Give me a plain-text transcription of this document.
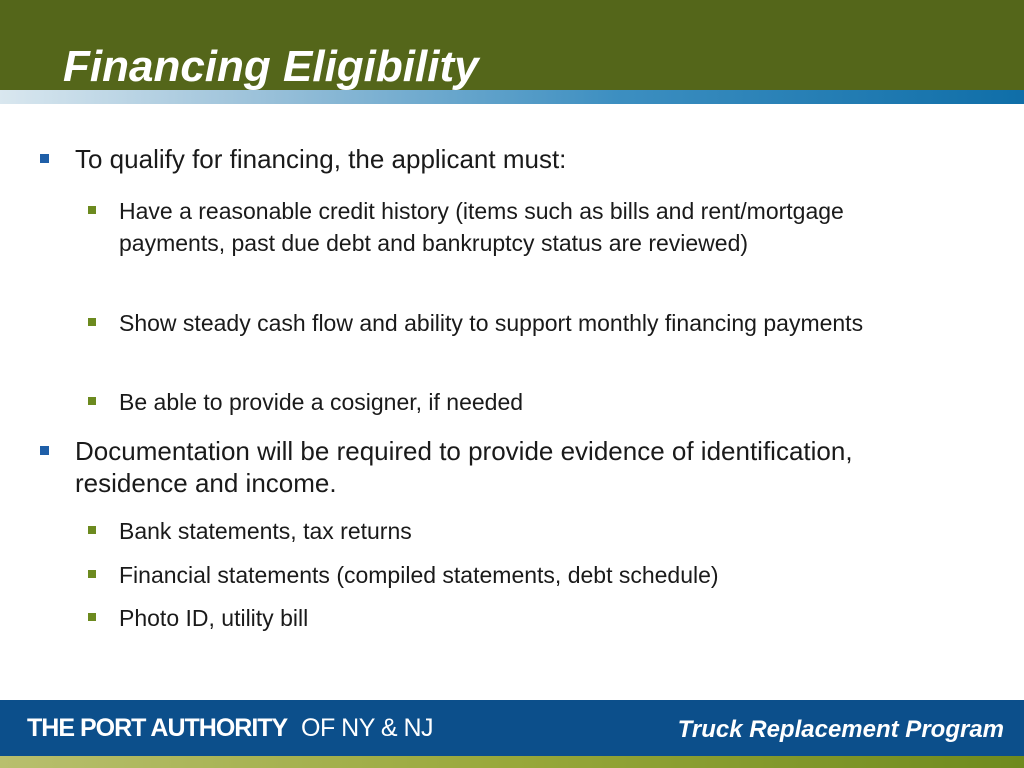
Financing Eligibility
To qualify for financing, the applicant must:
Have a reasonable credit history (items such as bills and rent/mortgage payments, past due debt and bankruptcy status are reviewed)
Show steady cash flow and ability to support monthly financing payments
Be able to provide a cosigner, if needed
Documentation will be required to provide evidence of identification, residence and income.
Bank statements, tax returns
Financial statements (compiled statements, debt schedule)
Photo ID, utility bill
THE PORT AUTHORITY OF NY & NJ	Truck Replacement Program
